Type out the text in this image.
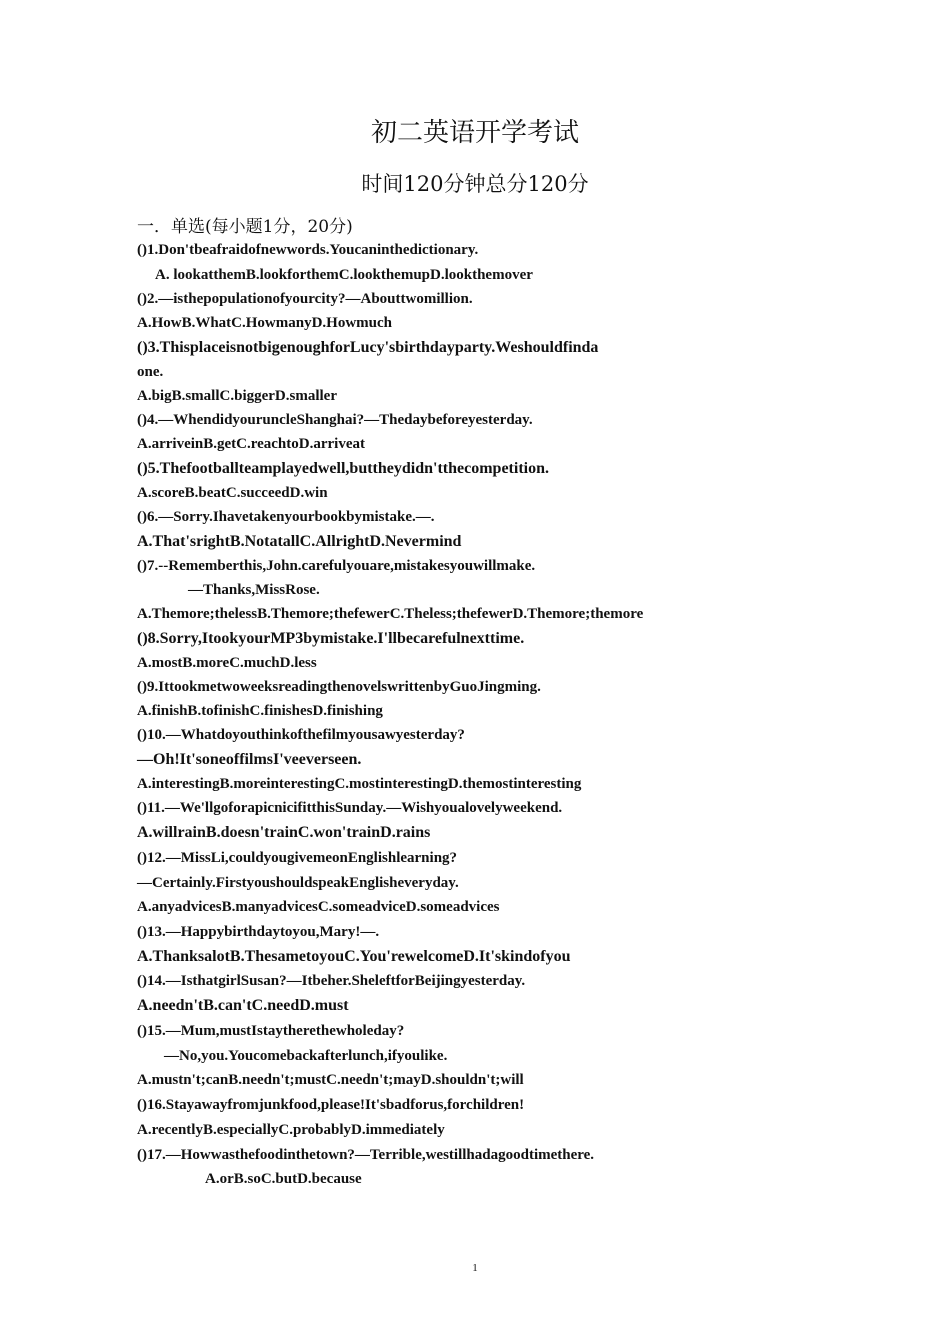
初二英语开学考试
时间120分钟总分120分
一．单选(每小题1分，20分)
()1.Don'tbeafraidofnewwords.Youcaninthedictionary.
A. lookatthemB.lookforthemC.lookthemupD.lookthemover
()2.—isthepopulationofyourcity?—Abouttwomillion.
A.HowB.WhatC.HowmanyD.Howmuch
()3.ThisplaceisnotbigenoughforLucy'sbirthdayparty.Weshouldfinda
one.
A.bigB.smallC.biggerD.smaller
()4.—WhendidyouruncleShanghai?—Thedaybeforeyesterday.
A.arriveinB.getC.reachtoD.arriveat
()5.Thefootballteamplayedwell,buttheydidn'tthecompetition.
A.scoreB.beatC.succeedD.win
()6.—Sorry.Ihavetakenyourbookbymistake.—.
A.That'srightB.NotatallC.AllrightD.Nevermind
()7.--Rememberthis,John.carefulyouare,mistakesyouwillmake.
—Thanks,MissRose.
A.Themore;thelessB.Themore;thefewerC.Theless;thefewerD.Themore;themore
()8.Sorry,ItookyourMP3bymistake.I'llbecarefulnexttime.
A.mostB.moreC.muchD.less
()9.IttookmetwoweeksreadingthenovelswrittenbyGuoJingming.
A.finishB.tofinishC.finishesD.finishing
()10.—Whatdoyouthinkofthefilmyousawyesterday?
—Oh!It'soneoffilmsI'veeverseen.
A.interestingB.moreinterestingC.mostinterestingD.themostinteresting
()11.—We'llgoforapicnicifitthisSunday.—Wishyoualovelyweekend.
A.willrainB.doesn'trainC.won'trainD.rains
()12.—MissLi,couldyougivemeonEnglishlearning?
—Certainly.FirstyoushouldspeakEnglisheveryday.
A.anyadvicesB.manyadvicesC.someadviceD.someadvices
()13.—Happybirthdaytoyou,Mary!—.
A.ThanksalotB.ThesametoyouC.You'rewelcomeD.It'skindofyou
()14.—IsthatgirlSusan?—Itbeher.SheleftforBeijingyesterday.
A.needn'tB.can'tC.needD.must
()15.—Mum,mustIstaytherethewholeday?
—No,you.Youcomebackafterlunch,ifyoulike.
A.mustn't;canB.needn't;mustC.needn't;mayD.shouldn't;will
()16.Stayawayfromjunkfood,please!It'sbadforus,forchildren!
A.recentlyB.especiallyC.probablyD.immediately
()17.—Howwasthefoodinthetown?—Terrible,westillhadagoodtimethere.
A.orB.soC.butD.because
1
